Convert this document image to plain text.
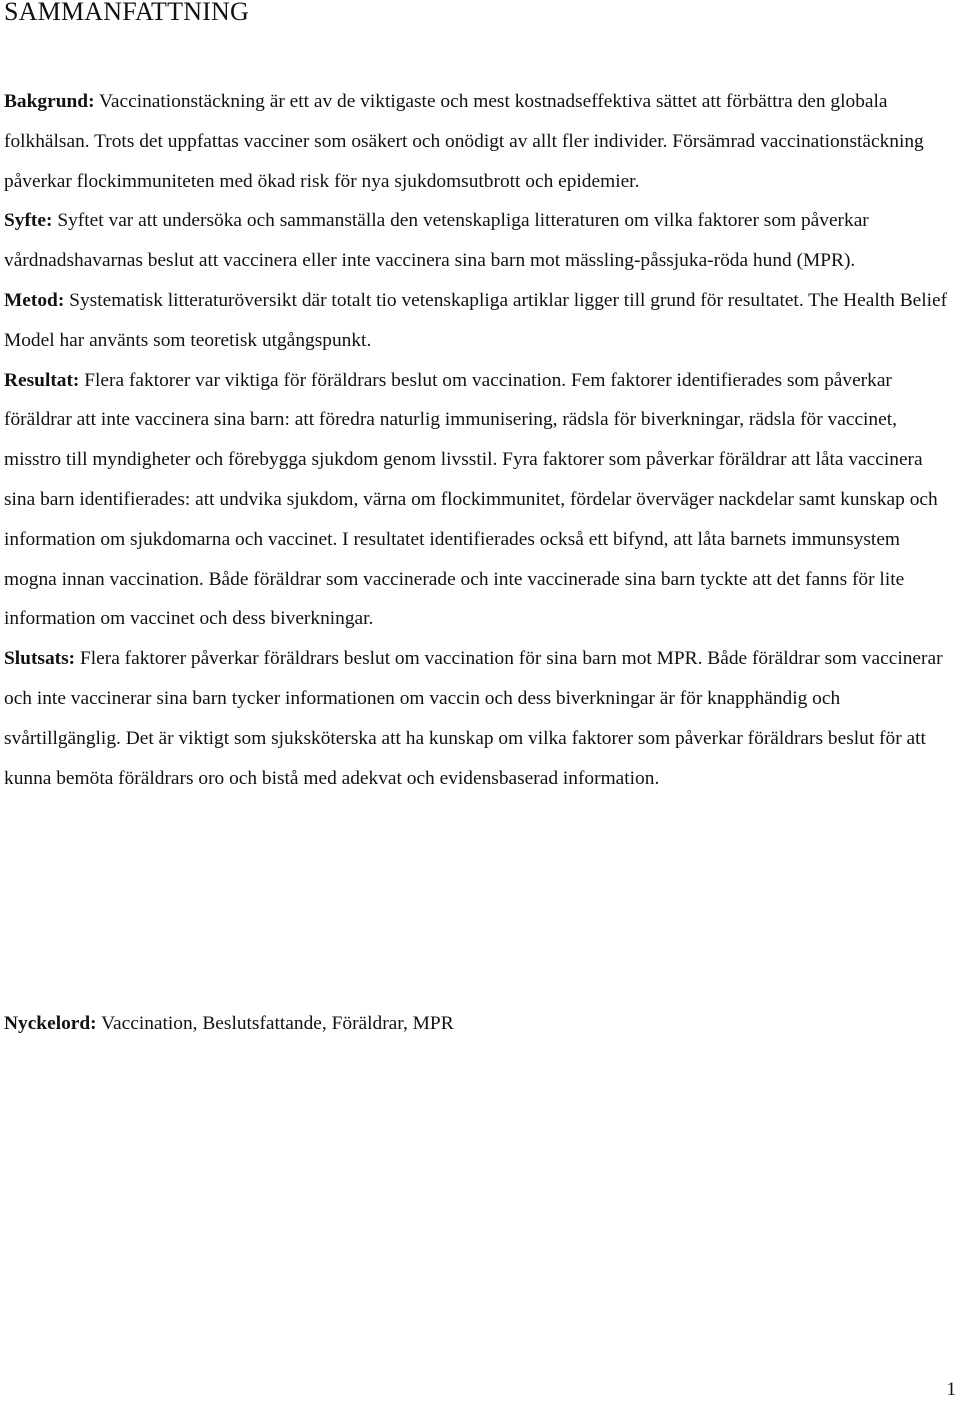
SAMMANFATTNING

Bakgrund: Vaccinationstäckning är ett av de viktigaste och mest kostnadseffektiva sättet att förbättra den globala folkhälsan. Trots det uppfattas vacciner som osäkert och onödigt av allt fler individer. Försämrad vaccinationstäckning påverkar flockimmuniteten med ökad risk för nya sjukdomsutbrott och epidemier.

Syfte: Syftet var att undersöka och sammanställa den vetenskapliga litteraturen om vilka faktorer som påverkar vårdnadshavarnas beslut att vaccinera eller inte vaccinera sina barn mot mässling-påssjuka-röda hund (MPR).

Metod: Systematisk litteraturöversikt där totalt tio vetenskapliga artiklar ligger till grund för resultatet. The Health Belief Model har använts som teoretisk utgångspunkt.

Resultat: Flera faktorer var viktiga för föräldrars beslut om vaccination. Fem faktorer identifierades som påverkar föräldrar att inte vaccinera sina barn: att föredra naturlig immunisering, rädsla för biverkningar, rädsla för vaccinet, misstro till myndigheter och förebygga sjukdom genom livsstil. Fyra faktorer som påverkar föräldrar att låta vaccinera sina barn identifierades: att undvika sjukdom, värna om flockimmunitet, fördelar överväger nackdelar samt kunskap och information om sjukdomarna och vaccinet. I resultatet identifierades också ett bifynd, att låta barnets immunsystem mogna innan vaccination. Både föräldrar som vaccinerade och inte vaccinerade sina barn tyckte att det fanns för lite information om vaccinet och dess biverkningar.

Slutsats: Flera faktorer påverkar föräldrars beslut om vaccination för sina barn mot MPR. Både föräldrar som vaccinerar och inte vaccinerar sina barn tycker informationen om vaccin och dess biverkningar är för knapphändig och svårtillgänglig. Det är viktigt som sjuksköterska att ha kunskap om vilka faktorer som påverkar föräldrars beslut för att kunna bemöta föräldrars oro och bistå med adekvat och evidensbaserad information.

Nyckelord: Vaccination, Beslutsfattande, Föräldrar, MPR

1
